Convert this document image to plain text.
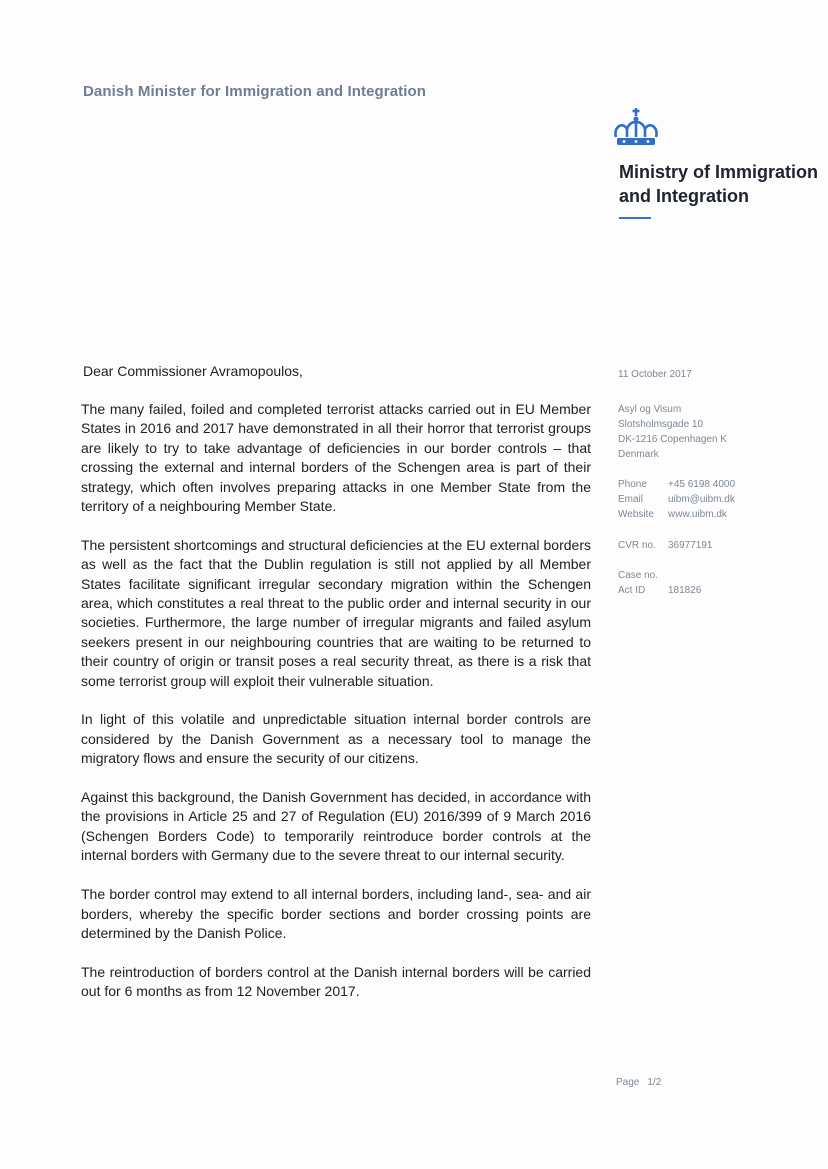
Danish Minister for Immigration and Integration
Ministry of Immigration
and Integration
Dear Commissioner Avramopoulos,

The many failed, foiled and completed terrorist attacks carried out in EU Member States in 2016 and 2017 have demonstrated in all their horror that terrorist groups are likely to try to take advantage of deficiencies in our border controls – that crossing the external and internal borders of the Schengen area is part of their strategy, which often involves preparing attacks in one Member State from the territory of a neighbouring Member State.

The persistent shortcomings and structural deficiencies at the EU external borders as well as the fact that the Dublin regulation is still not applied by all Member States facilitate significant irregular secondary migration within the Schengen area, which constitutes a real threat to the public order and internal security in our societies. Furthermore, the large number of irregular migrants and failed asylum seekers present in our neighbouring countries that are waiting to be returned to their country of origin or transit poses a real security threat, as there is a risk that some terrorist group will exploit their vulnerable situation.

In light of this volatile and unpredictable situation internal border controls are considered by the Danish Government as a necessary tool to manage the migratory flows and ensure the security of our citizens.

Against this background, the Danish Government has decided, in accordance with the provisions in Article 25 and 27 of Regulation (EU) 2016/399 of 9 March 2016 (Schengen Borders Code) to temporarily reintroduce border controls at the internal borders with Germany due to the severe threat to our internal security.

The border control may extend to all internal borders, including land-, sea- and air borders, whereby the specific border sections and border crossing points are determined by the Danish Police.

The reintroduction of borders control at the Danish internal borders will be carried out for 6 months as from 12 November 2017.

11 October 2017
Asyl og Visum
Slotsholmsgade 10
DK-1216 Copenhagen K
Denmark
Phone	+45 6198 4000
Email	uibm@uibm.dk
Website	www.uibm.dk
CVR no.	36977191
Case no.
Act ID	181826
Page 1/2
